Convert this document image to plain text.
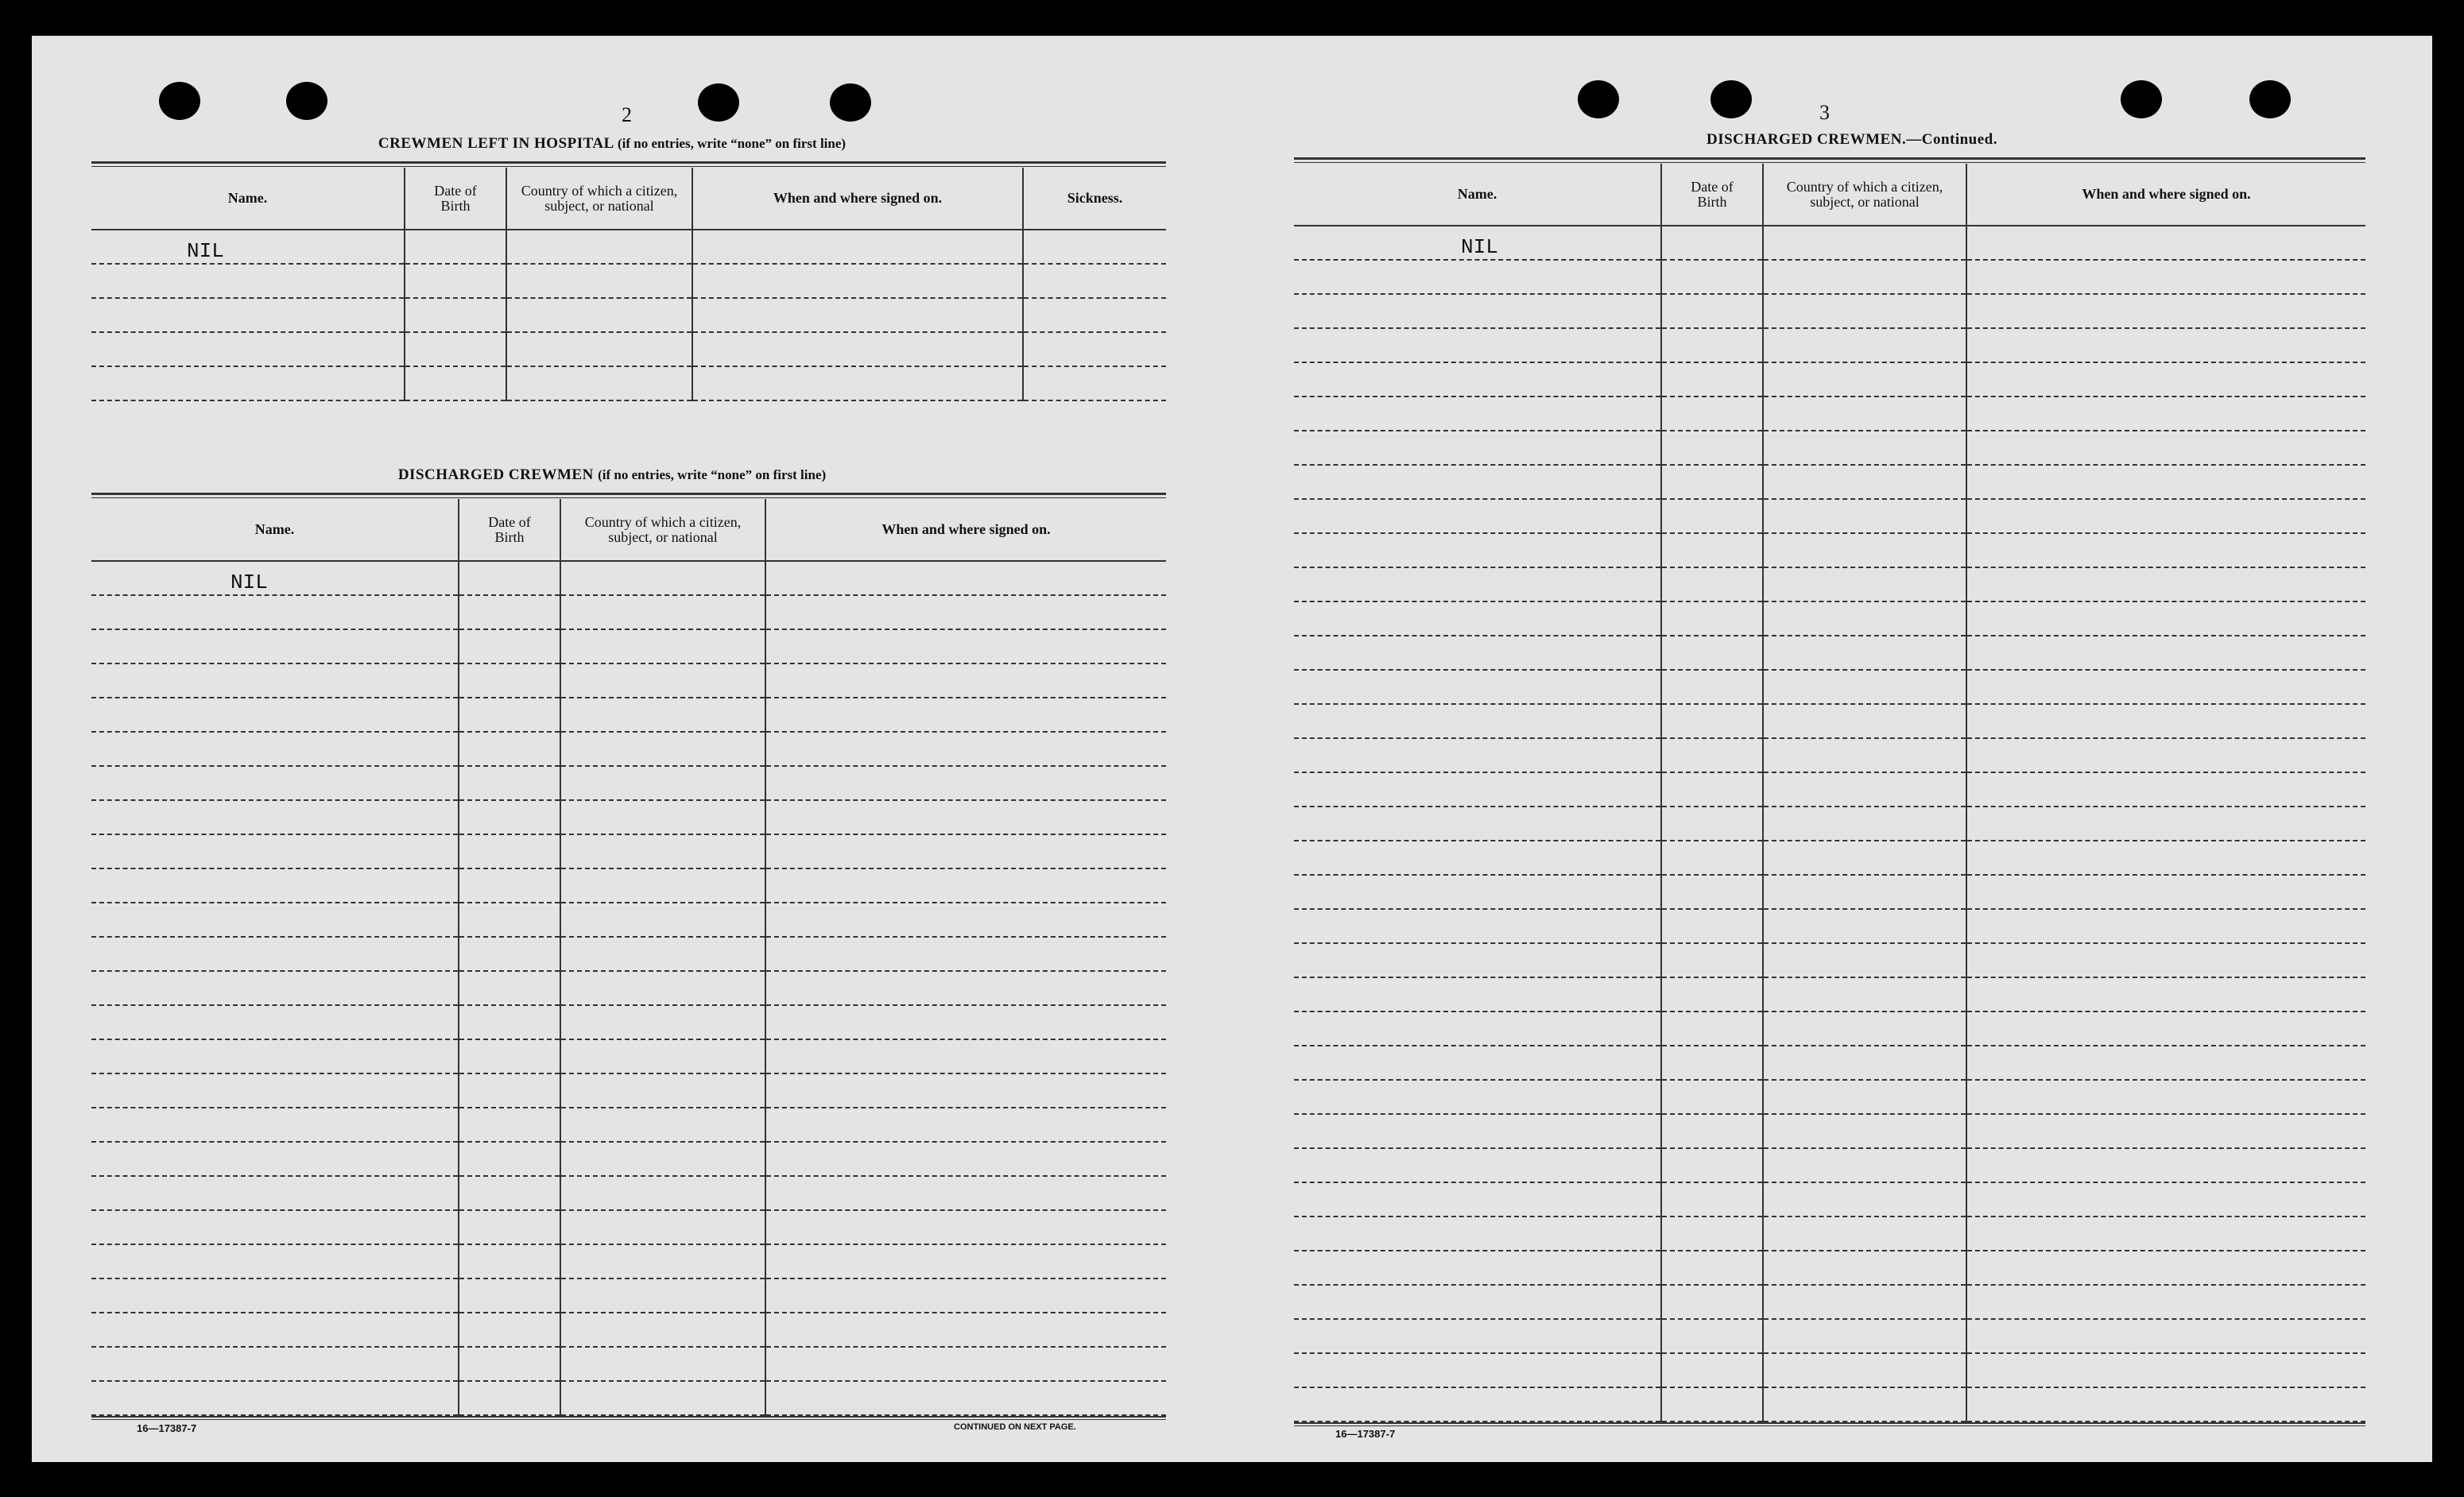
2
CREWMEN LEFT IN HOSPITAL (if no entries, write “none” on first line)
Name.	Date of Birth	Country of which a citizen, subject, or national	When and where signed on.	Sickness.
NIL				

DISCHARGED CREWMEN (if no entries, write “none” on first line)
Name.	Date of Birth	Country of which a citizen, subject, or national	When and where signed on.
NIL			

16—17387-7	CONTINUED ON NEXT PAGE.
3
DISCHARGED CREWMEN.—Continued.
Name.	Date of Birth	Country of which a citizen, subject, or national	When and where signed on.
NIL			

16—17387-7
